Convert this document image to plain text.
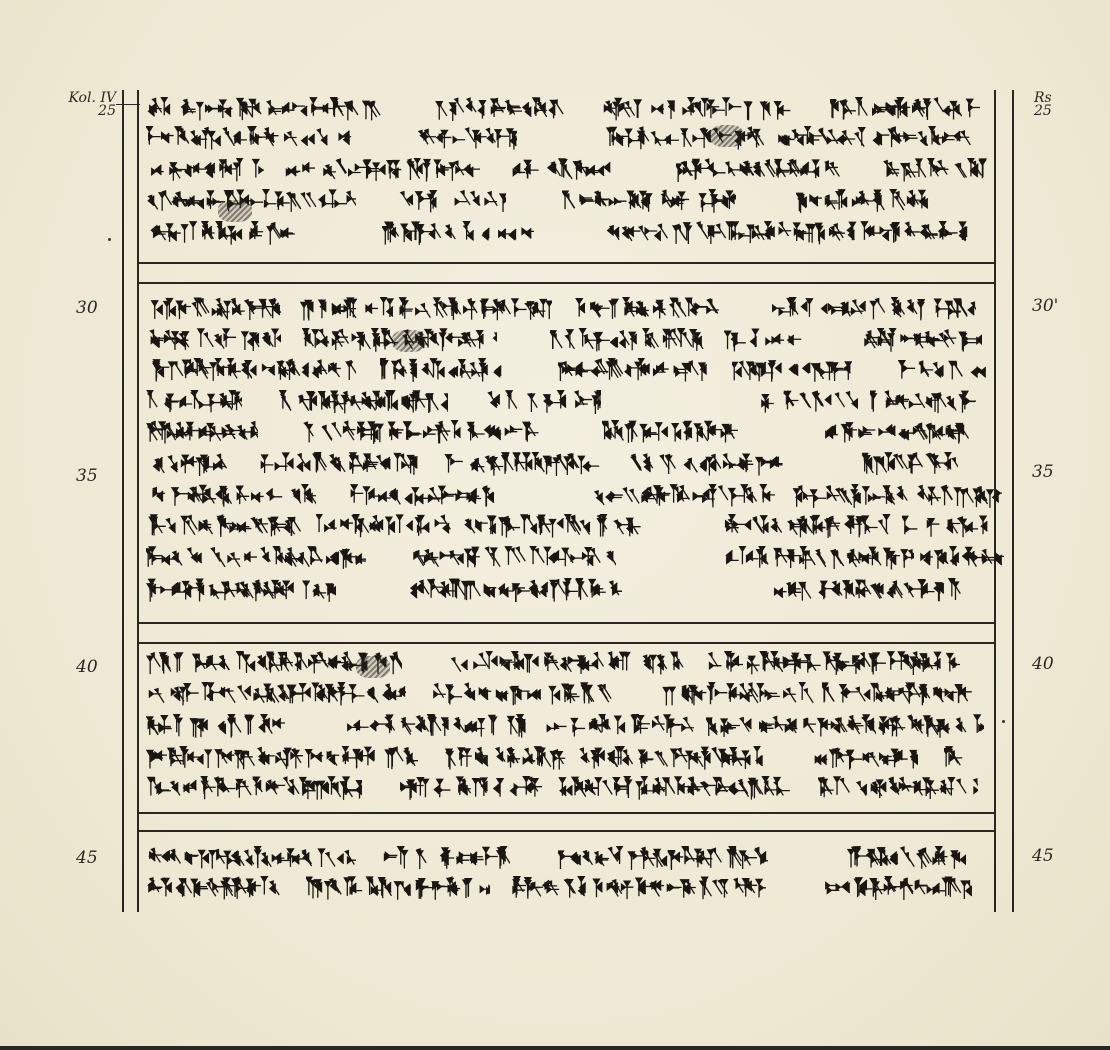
Kol. IV
25
Rs
25
30
35
40
45
30'
35
40
45
